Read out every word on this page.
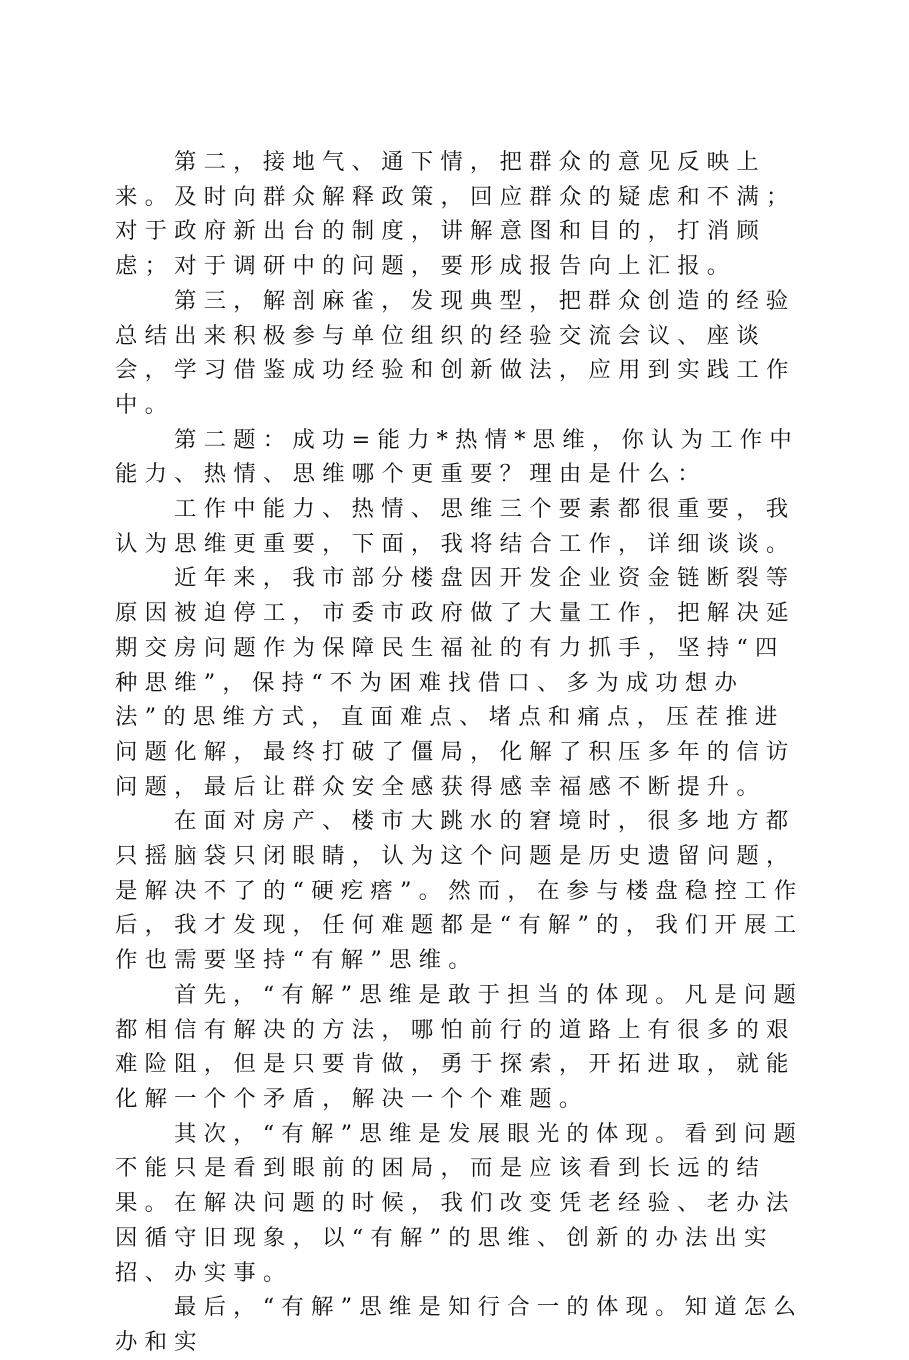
第二，接地气、通下情，把群众的意见反映上来。及时向群众解释政策，回应群众的疑虑和不满；对于政府新出台的制度，讲解意图和目的，打消顾虑；对于调研中的问题，要形成报告向上汇报。

第三，解剖麻雀，发现典型，把群众创造的经验总结出来积极参与单位组织的经验交流会议、座谈会，学习借鉴成功经验和创新做法，应用到实践工作中。

第二题：成功=能力*热情*思维，你认为工作中能力、热情、思维哪个更重要？理由是什么：

工作中能力、热情、思维三个要素都很重要，我认为思维更重要，下面，我将结合工作，详细谈谈。

近年来，我市部分楼盘因开发企业资金链断裂等原因被迫停工，市委市政府做了大量工作，把解决延期交房问题作为保障民生福祉的有力抓手，坚持“四种思维”，保持“不为困难找借口、多为成功想办法”的思维方式，直面难点、堵点和痛点，压茬推进问题化解，最终打破了僵局，化解了积压多年的信访问题，最后让群众安全感获得感幸福感不断提升。

在面对房产、楼市大跳水的窘境时，很多地方都只摇脑袋只闭眼睛，认为这个问题是历史遗留问题，是解决不了的“硬疙瘩”。然而，在参与楼盘稳控工作后，我才发现，任何难题都是“有解”的，我们开展工作也需要坚持“有解”思维。

首先，“有解”思维是敢于担当的体现。凡是问题都相信有解决的方法，哪怕前行的道路上有很多的艰难险阻，但是只要肯做，勇于探索，开拓进取，就能化解一个个矛盾，解决一个个难题。

其次，“有解”思维是发展眼光的体现。看到问题不能只是看到眼前的困局，而是应该看到长远的结果。在解决问题的时候，我们改变凭老经验、老办法因循守旧现象，以“有解”的思维、创新的办法出实招、办实事。

最后，“有解”思维是知行合一的体现。知道怎么办和实
